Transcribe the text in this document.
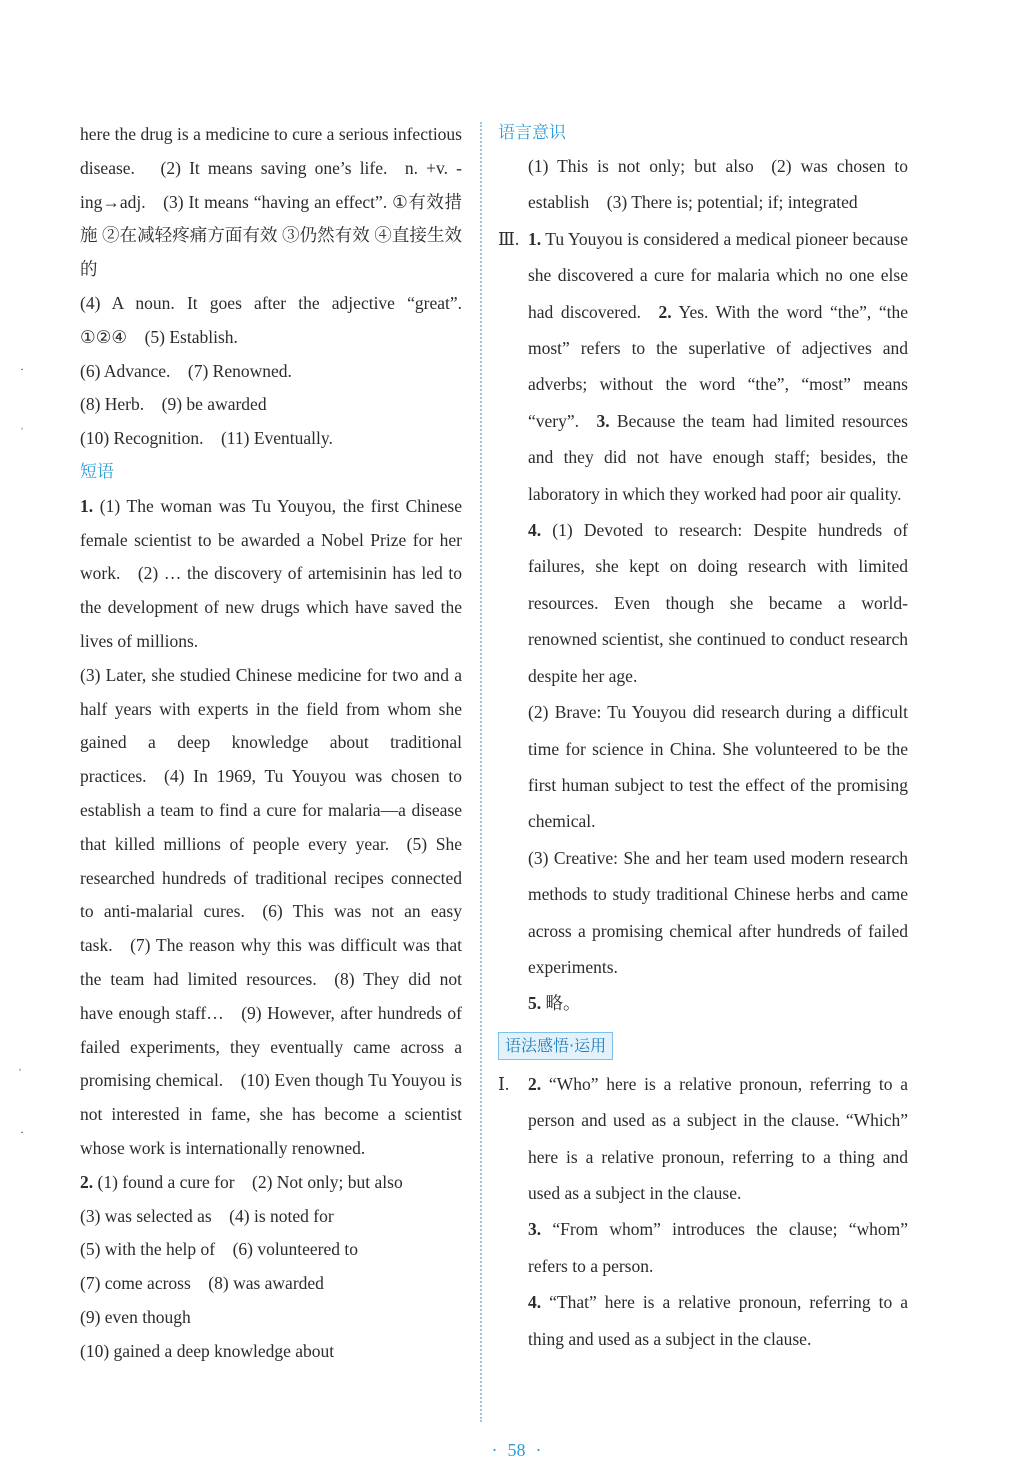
here the drug is a medicine to cure a serious infectious disease.  (2) It means saving one’s life. n. +v. -ing→adj. (3) It means “having an effect”. ①有效措施 ②在减轻疼痛方面有效 ③仍然有效 ④直接生效的

(4) A noun. It goes after the adjective “great”. ①②④ (5) Establish.

(6) Advance. (7) Renowned.

(8) Herb. (9) be awarded

(10) Recognition. (11) Eventually.

短语

1. (1) The woman was Tu Youyou, the first Chinese female scientist to be awarded a Nobel Prize for her work. (2) … the discovery of artemisinin has led to the development of new drugs which have saved the lives of millions.

(3) Later, she studied Chinese medicine for two and a half years with experts in the field from whom she gained a deep knowledge about traditional practices. (4) In 1969, Tu Youyou was chosen to establish a team to find a cure for malaria—a disease that killed millions of people every year. (5) She researched hundreds of traditional recipes connected to anti-malarial cures. (6) This was not an easy task. (7) The reason why this was difficult was that the team had limited resources. (8) They did not have enough staff… (9) However, after hundreds of failed experiments, they eventually came across a promising chemical. (10) Even though Tu Youyou is not interested in fame, she has become a scientist whose work is internationally renowned.

2. (1) found a cure for (2) Not only; but also

(3) was selected as (4) is noted for

(5) with the help of (6) volunteered to

(7) come across (8) was awarded

(9) even though

(10) gained a deep knowledge about

语言意识

(1) This is not only; but also (2) was chosen to establish (3) There is; potential; if; integrated

Ⅲ. 1. Tu Youyou is considered a medical pioneer because she discovered a cure for malaria which no one else had discovered. 2. Yes. With the word “the”, “the most” refers to the superlative of adjectives and adverbs; without the word “the”, “most” means “very”. 3. Because the team had limited resources and they did not have enough staff; besides, the laboratory in which they worked had poor air quality.

4. (1) Devoted to research: Despite hundreds of failures, she kept on doing research with limited resources. Even though she became a world-renowned scientist, she continued to conduct research despite her age.

(2) Brave: Tu Youyou did research during a difficult time for science in China. She volunteered to be the first human subject to test the effect of the promising chemical.

(3) Creative: She and her team used modern research methods to study traditional Chinese herbs and came across a promising chemical after hundreds of failed experiments.

5. 略。

语法感悟·运用

Ⅰ. 2. “Who” here is a relative pronoun, referring to a person and used as a subject in the clause. “Which” here is a relative pronoun, referring to a thing and used as a subject in the clause.

3. “From whom” introduces the clause; “whom” refers to a person.

4. “That” here is a relative pronoun, referring to a thing and used as a subject in the clause.

· 58 ·
·
ˈ
ʾ
·
